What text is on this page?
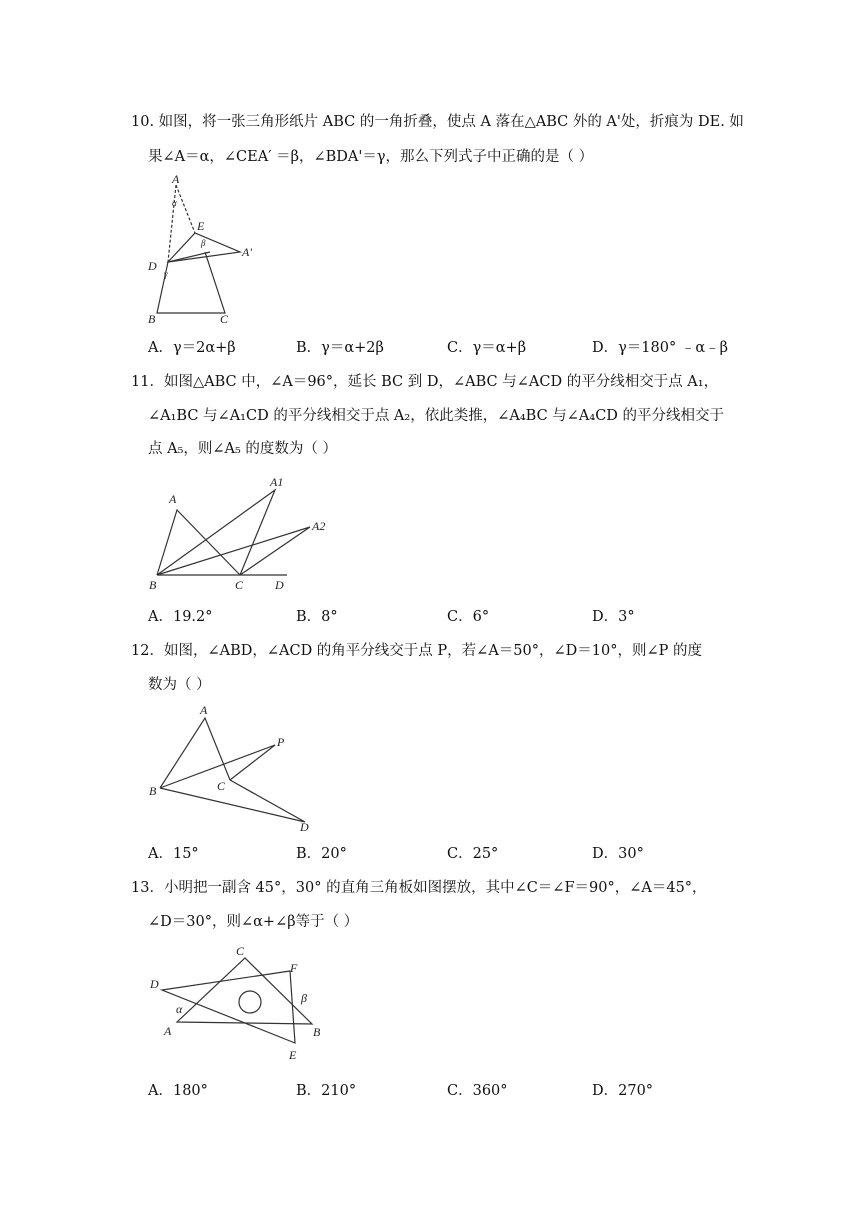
10. 如图，将一张三角形纸片 ABC 的一角折叠，使点 A 落在△ABC 外的 A'处，折痕为 DE. 如
果∠A＝α，∠CEA′ ＝β，∠BDA'＝γ，那么下列式子中正确的是（ ）
A
α
E
β
A'
D
γ
B	C
A．γ＝2α+β	B．γ＝α+2β	C．γ＝α+β	D．γ＝180° ﹣α﹣β
11．如图△ABC 中，∠A＝96°，延长 BC 到 D，∠ABC 与∠ACD 的平分线相交于点 A₁，
∠A₁BC 与∠A₁CD 的平分线相交于点 A₂，依此类推，∠A₄BC 与∠A₄CD 的平分线相交于
点 A₅，则∠A₅ 的度数为（ ）
A
A1
A2
B	C	D
A．19.2°	B．8°	C．6°	D．3°
12．如图，∠ABD，∠ACD 的角平分线交于点 P，若∠A＝50°，∠D＝10°，则∠P 的度
数为（ ）
A
P
B	C
D
A．15°	B．20°	C．25°	D．30°
13．小明把一副含 45°，30° 的直角三角板如图摆放，其中∠C＝∠F＝90°，∠A＝45°，
∠D＝30°，则∠α+∠β等于（ ）
C
F
D
β
α
A	B
E
A．180°	B．210°	C．360°	D．270°
